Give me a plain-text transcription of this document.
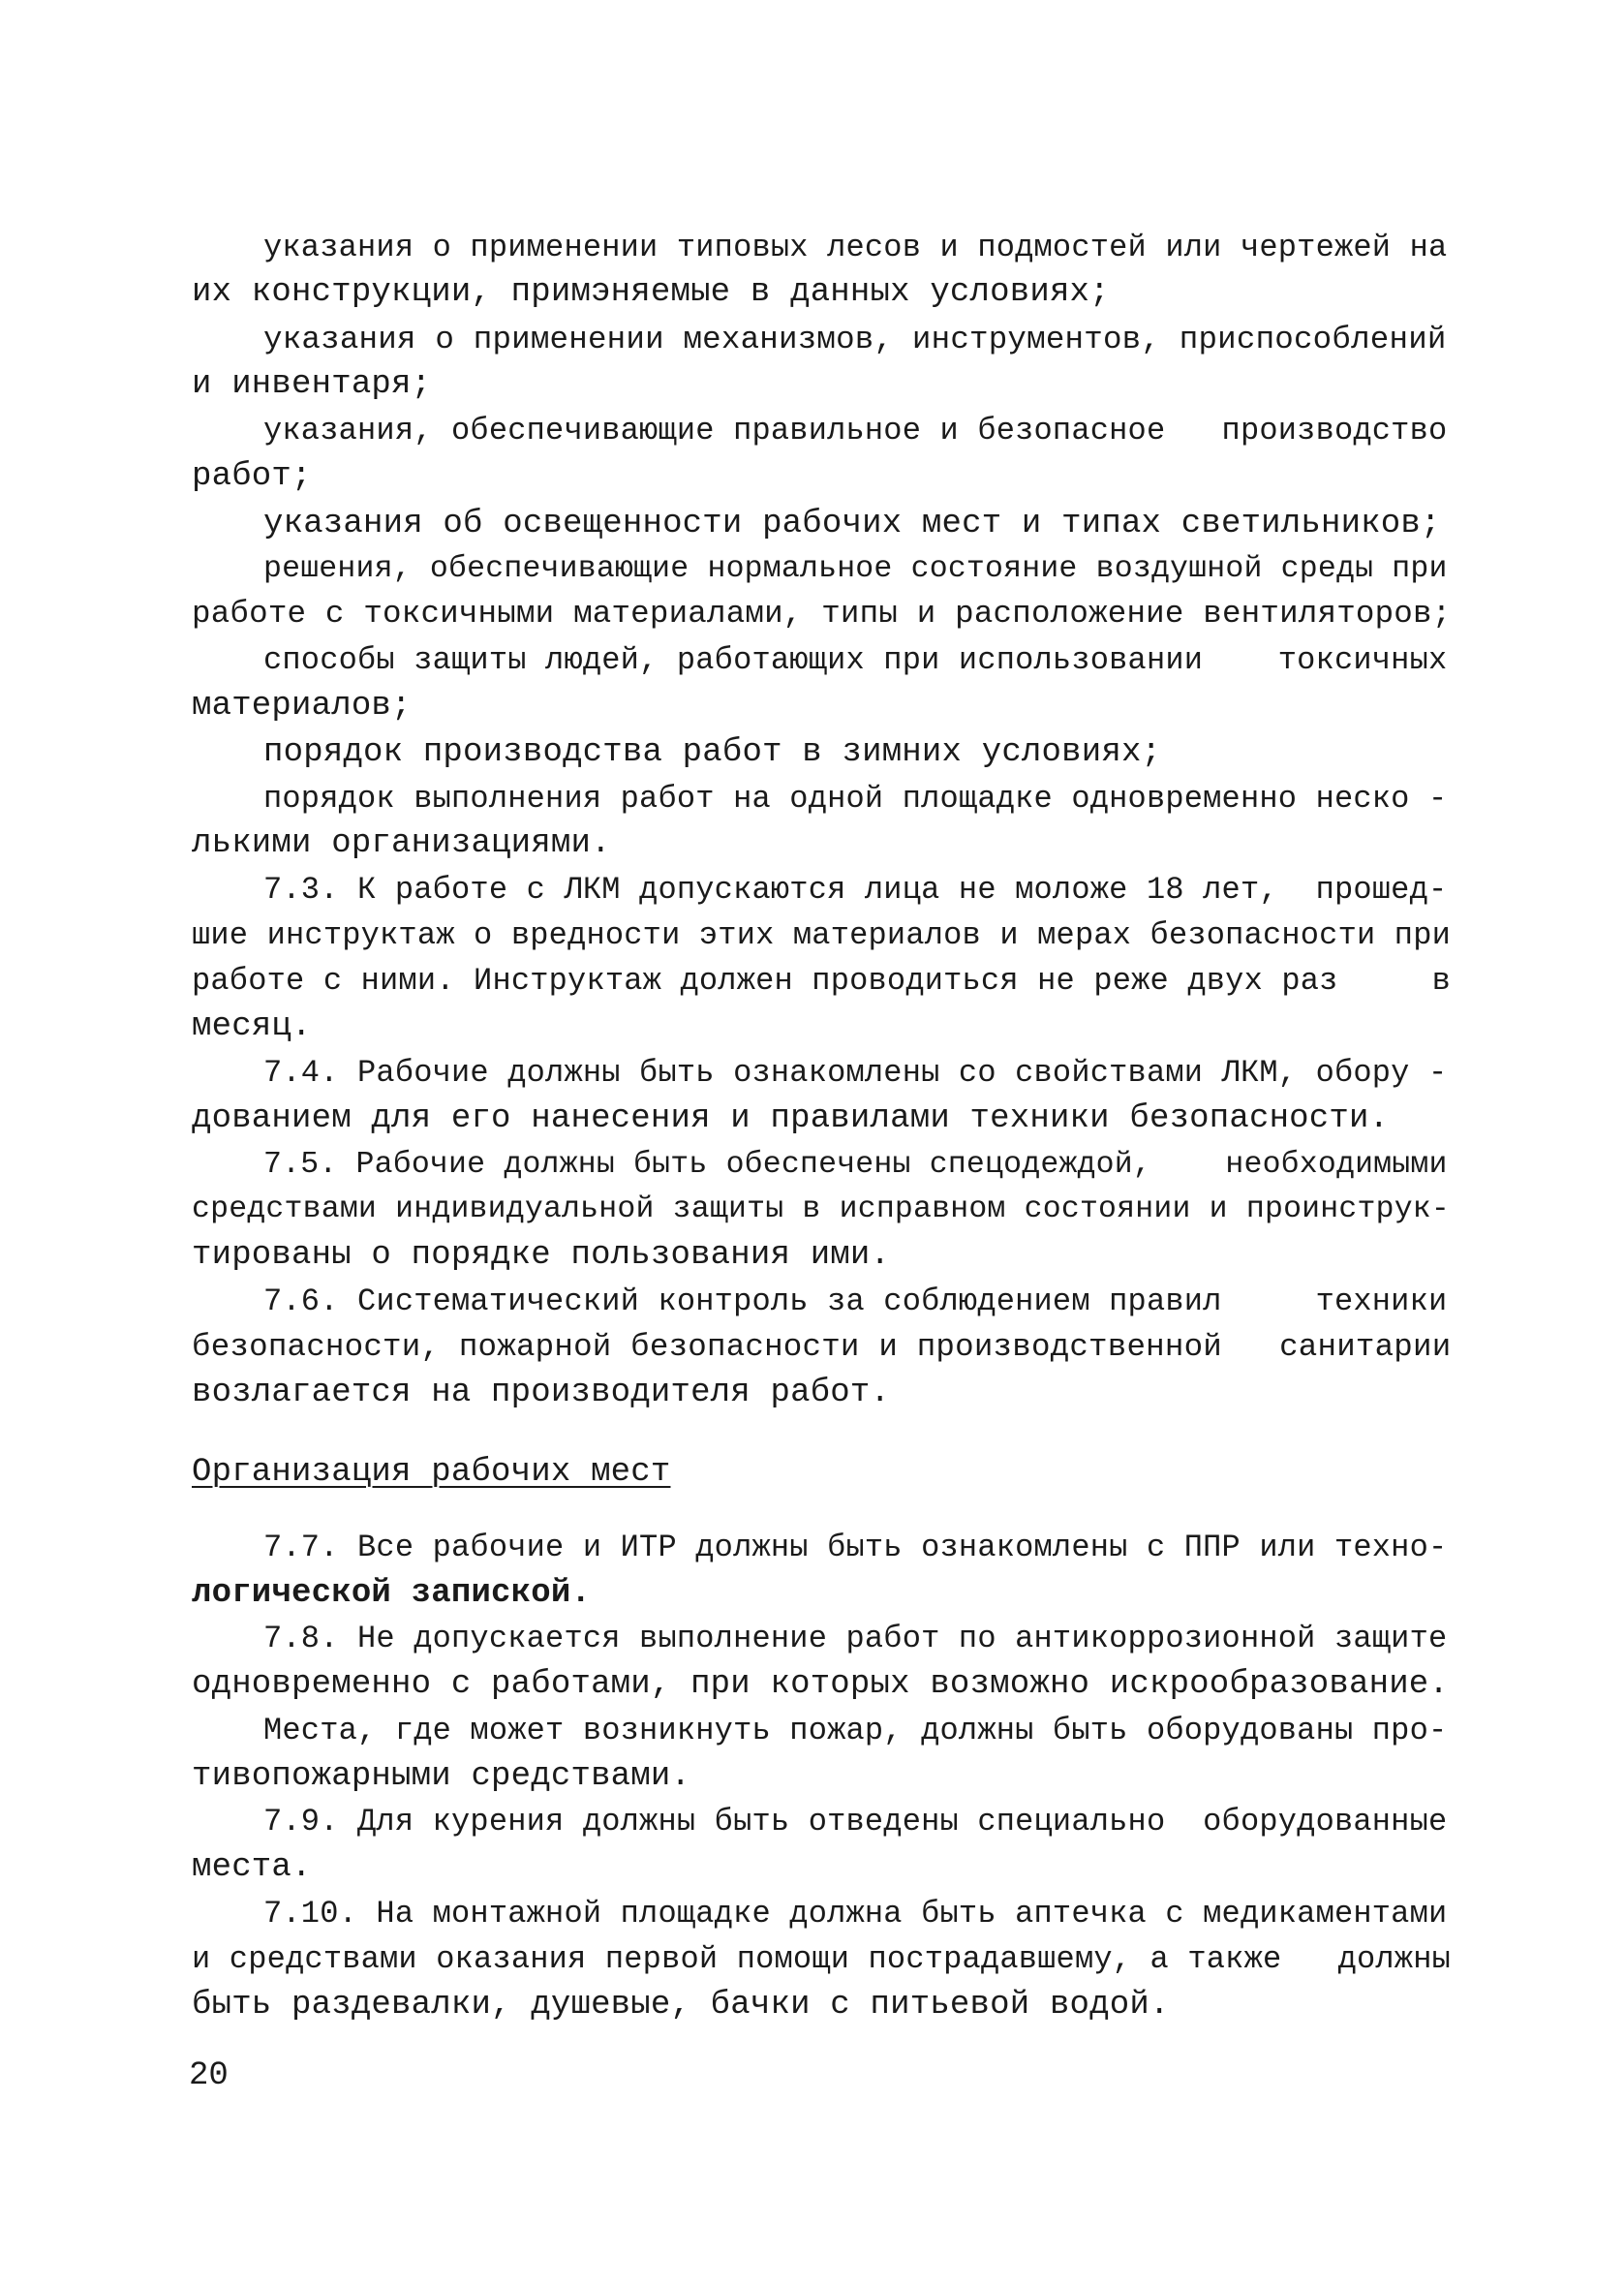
указания о применении типовых лесов и подмостей или чертежей на
их конструкции, примэняемые в данных условиях;
указания о применении механизмов, инструментов, приспособлений
и инвентаря;
указания, обеспечивающие правильное и безопасное   производство
работ;
указания об освещенности рабочих мест и типах светильников;
решения, обеспечивающие нормальное состояние воздушной среды при
работе с токсичными материалами, типы и расположение вентиляторов;
способы защиты людей, работающих при использовании    токсичных
материалов;
порядок производства работ в зимних условиях;
порядок выполнения работ на одной площадке одновременно неско -
лькими организациями.
7.3. К работе с ЛКМ допускаются лица не моложе 18 лет,  прошед-
шие инструктаж о вредности этих материалов и мерах безопасности при
работе с ними. Инструктаж должен проводиться не реже двух раз     в
месяц.
7.4. Рабочие должны быть ознакомлены со свойствами ЛКМ, обору -
дованием для его нанесения и правилами техники безопасности.
7.5. Рабочие должны быть обеспечены спецодеждой,    необходимыми
средствами индивидуальной защиты в исправном состоянии и проинструк-
тированы о порядке пользования ими.
7.6. Систематический контроль за соблюдением правил     техники
безопасности, пожарной безопасности и производственной   санитарии
возлагается на производителя работ.
Организация рабочих мест
7.7. Все рабочие и ИТР должны быть ознакомлены с ППР или техно-
логической запиской.
7.8. Не допускается выполнение работ по антикоррозионной защите
одновременно с работами, при которых возможно искрообразование.
Места, где может возникнуть пожар, должны быть оборудованы про-
тивопожарными средствами.
7.9. Для курения должны быть отведены специально  оборудованные
места.
7.10. На монтажной площадке должна быть аптечка с медикаментами
и средствами оказания первой помощи пострадавшему, а также   должны
быть раздевалки, душевые, бачки с питьевой водой.
20
